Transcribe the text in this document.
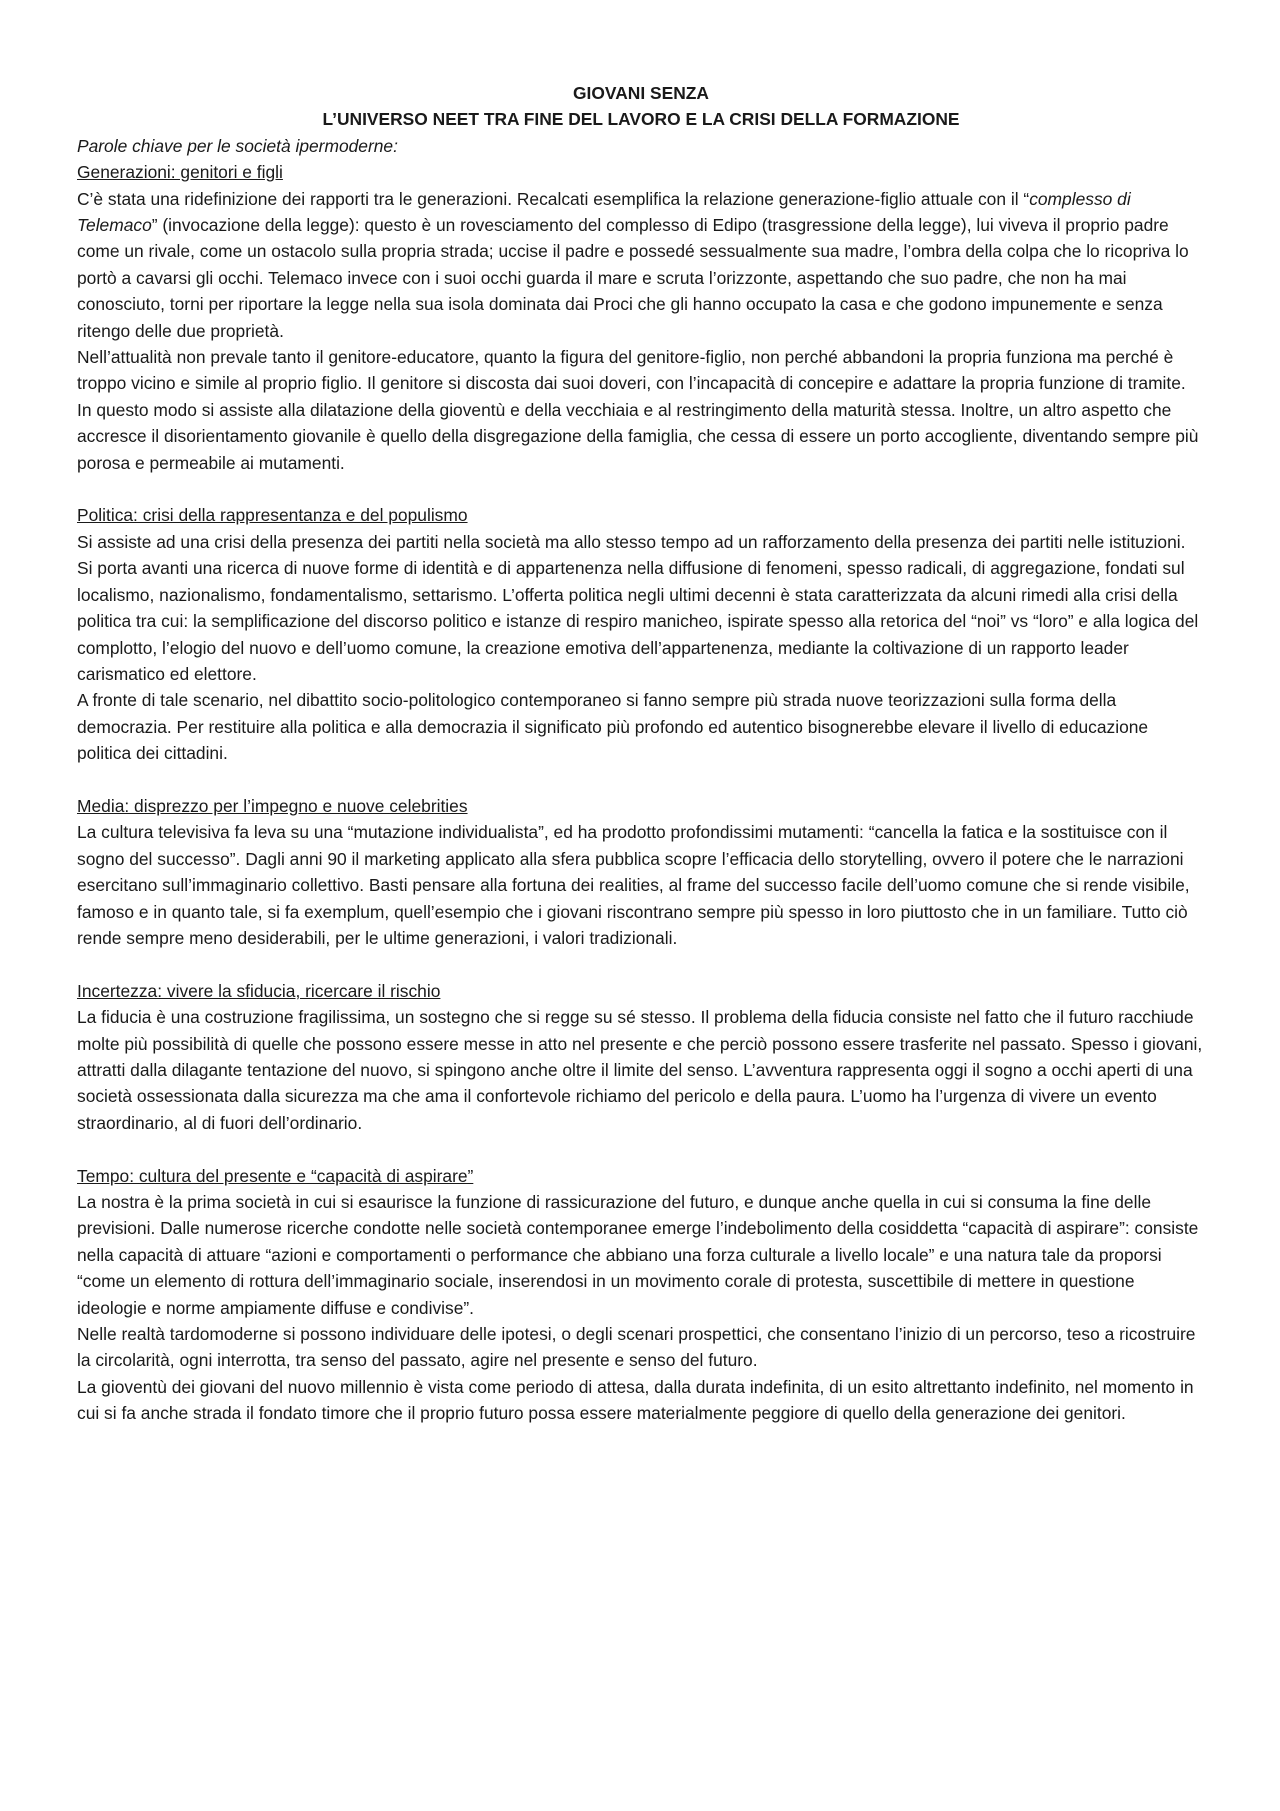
GIOVANI SENZA

L’UNIVERSO NEET TRA FINE DEL LAVORO E LA CRISI DELLA FORMAZIONE

Parole chiave per le società ipermoderne:

Generazioni: genitori e figli

C’è stata una ridefinizione dei rapporti tra le generazioni. Recalcati esemplifica la relazione generazione-figlio attuale con il “complesso di Telemaco” (invocazione della legge): questo è un rovesciamento del complesso di Edipo (trasgressione della legge), lui viveva il proprio padre come un rivale, come un ostacolo sulla propria strada; uccise il padre e possedé sessualmente sua madre, l’ombra della colpa che lo ricopriva lo portò a cavarsi gli occhi. Telemaco invece con i suoi occhi guarda il mare e scruta l’orizzonte, aspettando che suo padre, che non ha mai conosciuto, torni per riportare la legge nella sua isola dominata dai Proci che gli hanno occupato la casa e che godono impunemente e senza ritengo delle due proprietà.

Nell’attualità non prevale tanto il genitore-educatore, quanto la figura del genitore-figlio, non perché abbandoni la propria funziona ma perché è troppo vicino e simile al proprio figlio. Il genitore si discosta dai suoi doveri, con l’incapacità di concepire e adattare la propria funzione di tramite. In questo modo si assiste alla dilatazione della gioventù e della vecchiaia e al restringimento della maturità stessa. Inoltre, un altro aspetto che accresce il disorientamento giovanile è quello della disgregazione della famiglia, che cessa di essere un porto accogliente, diventando sempre più porosa e permeabile ai mutamenti.

Politica: crisi della rappresentanza e del populismo

Si assiste ad una crisi della presenza dei partiti nella società ma allo stesso tempo ad un rafforzamento della presenza dei partiti nelle istituzioni. Si porta avanti una ricerca di nuove forme di identità e di appartenenza nella diffusione di fenomeni, spesso radicali, di aggregazione, fondati sul localismo, nazionalismo, fondamentalismo, settarismo. L’offerta politica negli ultimi decenni è stata caratterizzata da alcuni rimedi alla crisi della politica tra cui: la semplificazione del discorso politico e istanze di respiro manicheo, ispirate spesso alla retorica del “noi” vs “loro” e alla logica del complotto, l’elogio del nuovo e dell’uomo comune, la creazione emotiva dell’appartenenza, mediante la coltivazione di un rapporto leader carismatico ed elettore.

A fronte di tale scenario, nel dibattito socio-politologico contemporaneo si fanno sempre più strada nuove teorizzazioni sulla forma della democrazia. Per restituire alla politica e alla democrazia il significato più profondo ed autentico bisognerebbe elevare il livello di educazione politica dei cittadini.

Media: disprezzo per l’impegno e nuove celebrities

La cultura televisiva fa leva su una “mutazione individualista”, ed ha prodotto profondissimi mutamenti: “cancella la fatica e la sostituisce con il sogno del successo”. Dagli anni 90 il marketing applicato alla sfera pubblica scopre l’efficacia dello storytelling, ovvero il potere che le narrazioni esercitano sull’immaginario collettivo. Basti pensare alla fortuna dei realities, al frame del successo facile dell’uomo comune che si rende visibile, famoso e in quanto tale, si fa exemplum, quell’esempio che i giovani riscontrano sempre più spesso in loro piuttosto che in un familiare. Tutto ciò rende sempre meno desiderabili, per le ultime generazioni, i valori tradizionali.

Incertezza: vivere la sfiducia, ricercare il rischio

La fiducia è una costruzione fragilissima, un sostegno che si regge su sé stesso. Il problema della fiducia consiste nel fatto che il futuro racchiude molte più possibilità di quelle che possono essere messe in atto nel presente e che perciò possono essere trasferite nel passato. Spesso i giovani, attratti dalla dilagante tentazione del nuovo, si spingono anche oltre il limite del senso. L’avventura rappresenta oggi il sogno a occhi aperti di una società ossessionata dalla sicurezza ma che ama il confortevole richiamo del pericolo e della paura. L’uomo ha l’urgenza di vivere un evento straordinario, al di fuori dell’ordinario.

Tempo: cultura del presente e “capacità di aspirare”

La nostra è la prima società in cui si esaurisce la funzione di rassicurazione del futuro, e dunque anche quella in cui si consuma la fine delle previsioni. Dalle numerose ricerche condotte nelle società contemporanee emerge l’indebolimento della cosiddetta “capacità di aspirare”: consiste nella capacità di attuare “azioni e comportamenti o performance che abbiano una forza culturale a livello locale” e una natura tale da proporsi “come un elemento di rottura dell’immaginario sociale, inserendosi in un movimento corale di protesta, suscettibile di mettere in questione ideologie e norme ampiamente diffuse e condivise”.

Nelle realtà tardomoderne si possono individuare delle ipotesi, o degli scenari prospettici, che consentano l’inizio di un percorso, teso a ricostruire la circolarità, ogni interrotta, tra senso del passato, agire nel presente e senso del futuro.

La gioventù dei giovani del nuovo millennio è vista come periodo di attesa, dalla durata indefinita, di un esito altrettanto indefinito, nel momento in cui si fa anche strada il fondato timore che il proprio futuro possa essere materialmente peggiore di quello della generazione dei genitori.
